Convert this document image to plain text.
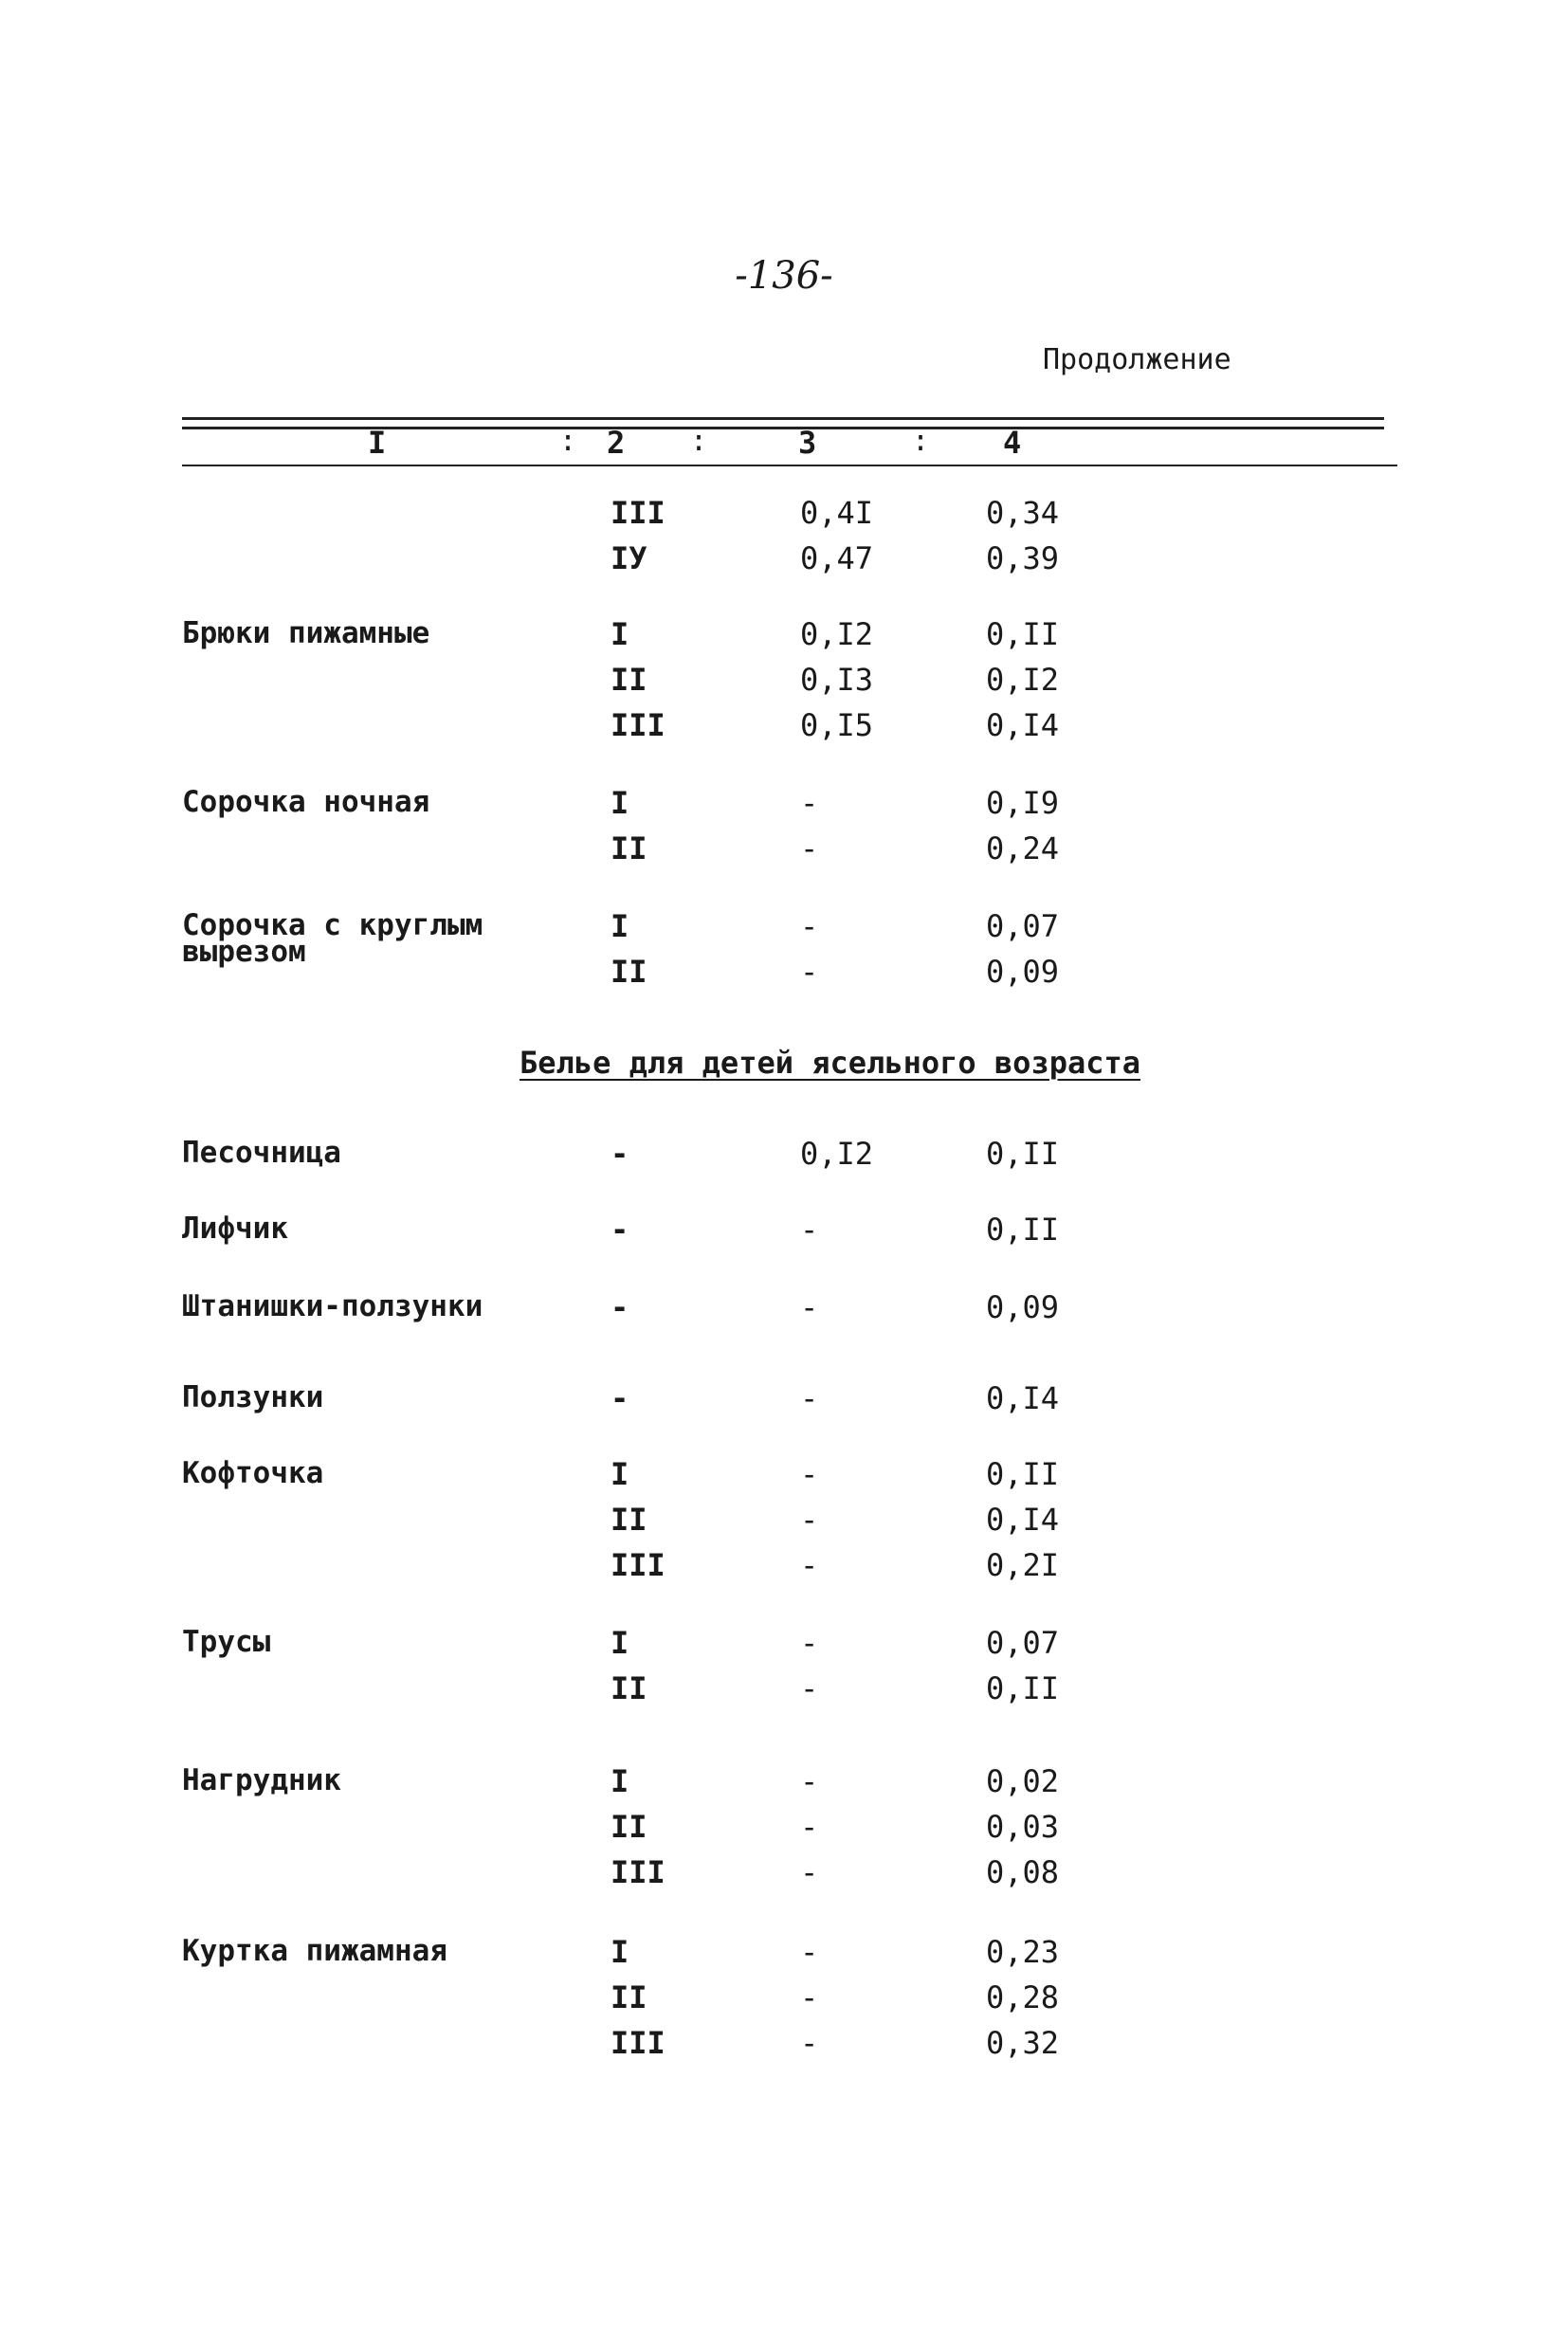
-136-
Продолжение
I	: 2 :	3	: 4
Белье для детей ясельного возраста
III	0,4I	0,34
IУ	0,47	0,39
Брюки пижамные	I	0,I2	0,II
II	0,I3	0,I2
III	0,I5	0,I4
Сорочка ночная	I	-	0,I9
II	-	0,24
Сорочка с круглым
вырезом
I	-	0,07
II	-	0,09
Песочница	-	0,I2	0,II
Лифчик	-	-	0,II
Штанишки-ползунки	-	-	0,09
Ползунки	-	-	0,I4
Кофточка	I	-	0,II
II	-	0,I4
III	-	0,2I
Трусы	I	-	0,07
II	-	0,II
Нагрудник	I	-	0,02
II	-	0,03
III	-	0,08
Куртка пижамная	I	-	0,23
II	-	0,28
III	-	0,32
